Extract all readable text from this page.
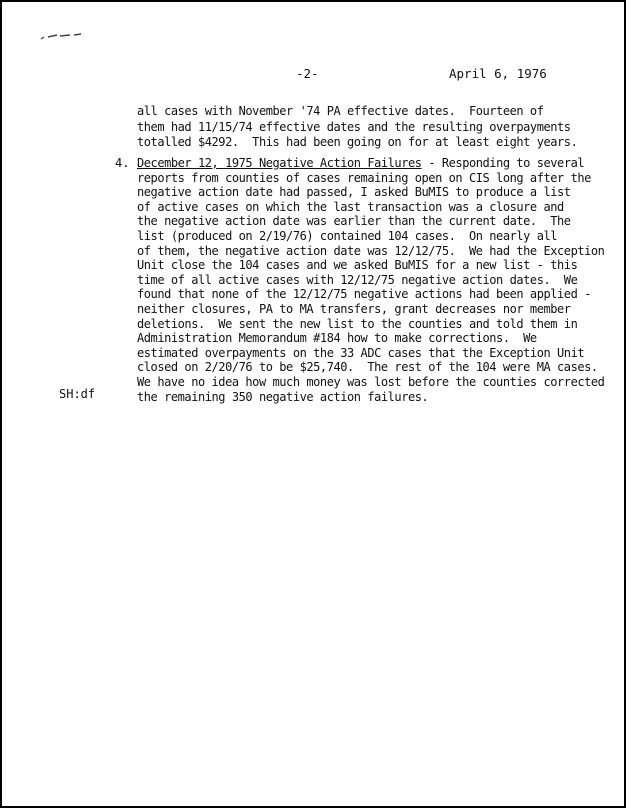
-2-	April 6, 1976
all cases with November '74 PA effective dates.  Fourteen of
them had 11/15/74 effective dates and the resulting overpayments
totalled $4292.  This had been going on for at least eight years.
4. December 12, 1975 Negative Action Failures - Responding to several
reports from counties of cases remaining open on CIS long after the
negative action date had passed, I asked BuMIS to produce a list
of active cases on which the last transaction was a closure and
the negative action date was earlier than the current date.  The
list (produced on 2/19/76) contained 104 cases.  On nearly all
of them, the negative action date was 12/12/75.  We had the Exception
Unit close the 104 cases and we asked BuMIS for a new list - this
time of all active cases with 12/12/75 negative action dates.  We
found that none of the 12/12/75 negative actions had been applied -
neither closures, PA to MA transfers, grant decreases nor member
deletions.  We sent the new list to the counties and told them in
Administration Memorandum #184 how to make corrections.  We
estimated overpayments on the 33 ADC cases that the Exception Unit
closed on 2/20/76 to be $25,740.  The rest of the 104 were MA cases.
We have no idea how much money was lost before the counties corrected
the remaining 350 negative action failures.
SH:df
